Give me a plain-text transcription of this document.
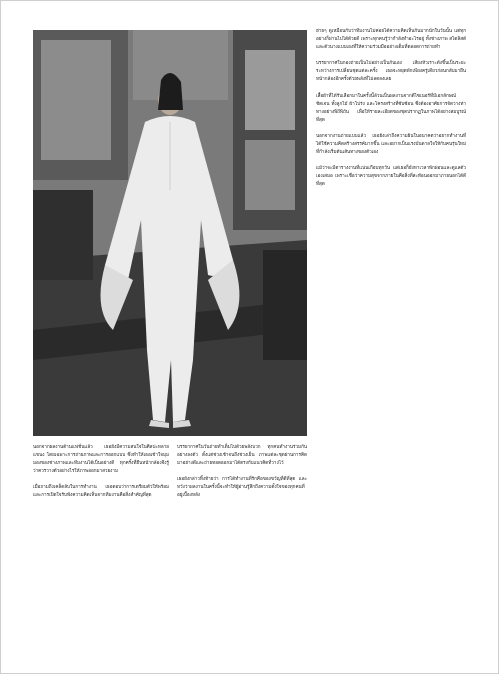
ฮ่ายๆ ดูเหมือนกับว่าทีมงานไม่ค่อยได้ความคิดเห็นกันมากนักในวันนั้น แต่ทุกอย่างก็ผ่านไปได้ด้วยดี เพราะทุกคนรู้ว่ากำลังทำอะไรอยู่ ทั้งช่างภาพ สไตลิสต์ และตัวนางแบบเองที่ให้ความร่วมมืออย่างเต็มที่ตลอดการถ่ายทำ

บรรยากาศในกองถ่ายเป็นไปอย่างเป็นกันเอง เสียงหัวเราะดังขึ้นเป็นระยะ ระหว่างการเปลี่ยนชุดแต่ละครั้ง เธอจะหยุดพักเพียงครู่เดียวก่อนกลับมายืนหน้ากล้องอีกครั้งด้วยพลังที่ไม่ลดลงเลย

เสื้อผ้าที่ได้รับเลือกมาในครั้งนี้ล้วนเป็นผลงานจากดีไซเนอร์ที่มีเอกลักษณ์ชัดเจน ทั้งลูกไม้ ผ้าโปร่ง และโครงสร้างที่ซับซ้อน ซึ่งต้องอาศัยการจัดวางท่าทางอย่างพิถีพิถัน เพื่อให้รายละเอียดของชุดปรากฏในภาพได้อย่างสมบูรณ์ที่สุด

นอกจากงานถ่ายแบบแล้ว เธอยังเล่าถึงความฝันในอนาคตว่าอยากทำงานที่ได้ใช้ความคิดสร้างสรรค์มากขึ้น และอยากเป็นแรงบันดาลใจให้กับคนรุ่นใหม่ที่กำลังเริ่มต้นเส้นทางของตัวเอง

แม้ว่าจะมีตารางงานที่แน่นเกือบทุกวัน แต่เธอก็ยังหาเวลาพักผ่อนและดูแลตัวเองเสมอ เพราะเชื่อว่าความสุขจากภายในคือสิ่งที่สะท้อนออกมาภายนอกได้ดีที่สุด

นอกจากผลงานด้านแฟชั่นแล้ว เธอยังมีความสนใจในศิลปะหลายแขนง โดยเฉพาะการถ่ายภาพและการออกแบบ ซึ่งทำให้เธอเข้าใจมุมมองของช่างภาพและทีมงานได้เป็นอย่างดี ทุกครั้งที่ยืนหน้ากล้องจึงรู้ว่าควรวางตัวอย่างไรให้ภาพออกมาสวยงาม

เมื่อถามถึงเคล็ดลับในการทำงาน เธอตอบว่าการเตรียมตัวให้พร้อมและการเปิดใจรับฟังความคิดเห็นจากทีมงานคือสิ่งสำคัญที่สุด

บรรยากาศในวันถ่ายทำเต็มไปด้วยพลังบวก ทุกคนทำงานร่วมกันอย่างลงตัว ตั้งแต่ช่วงเช้าจนถึงช่วงเย็น ภาพแต่ละชุดผ่านการคิดมาอย่างดีและถ่ายทอดออกมาได้ตรงกับแนวคิดที่วางไว้

เธอยังกล่าวทิ้งท้ายว่า การได้ทำงานที่รักคือของขวัญที่ดีที่สุด และหวังว่าผลงานในครั้งนี้จะทำให้ผู้อ่านรู้สึกถึงความตั้งใจของทุกคนที่อยู่เบื้องหลัง
